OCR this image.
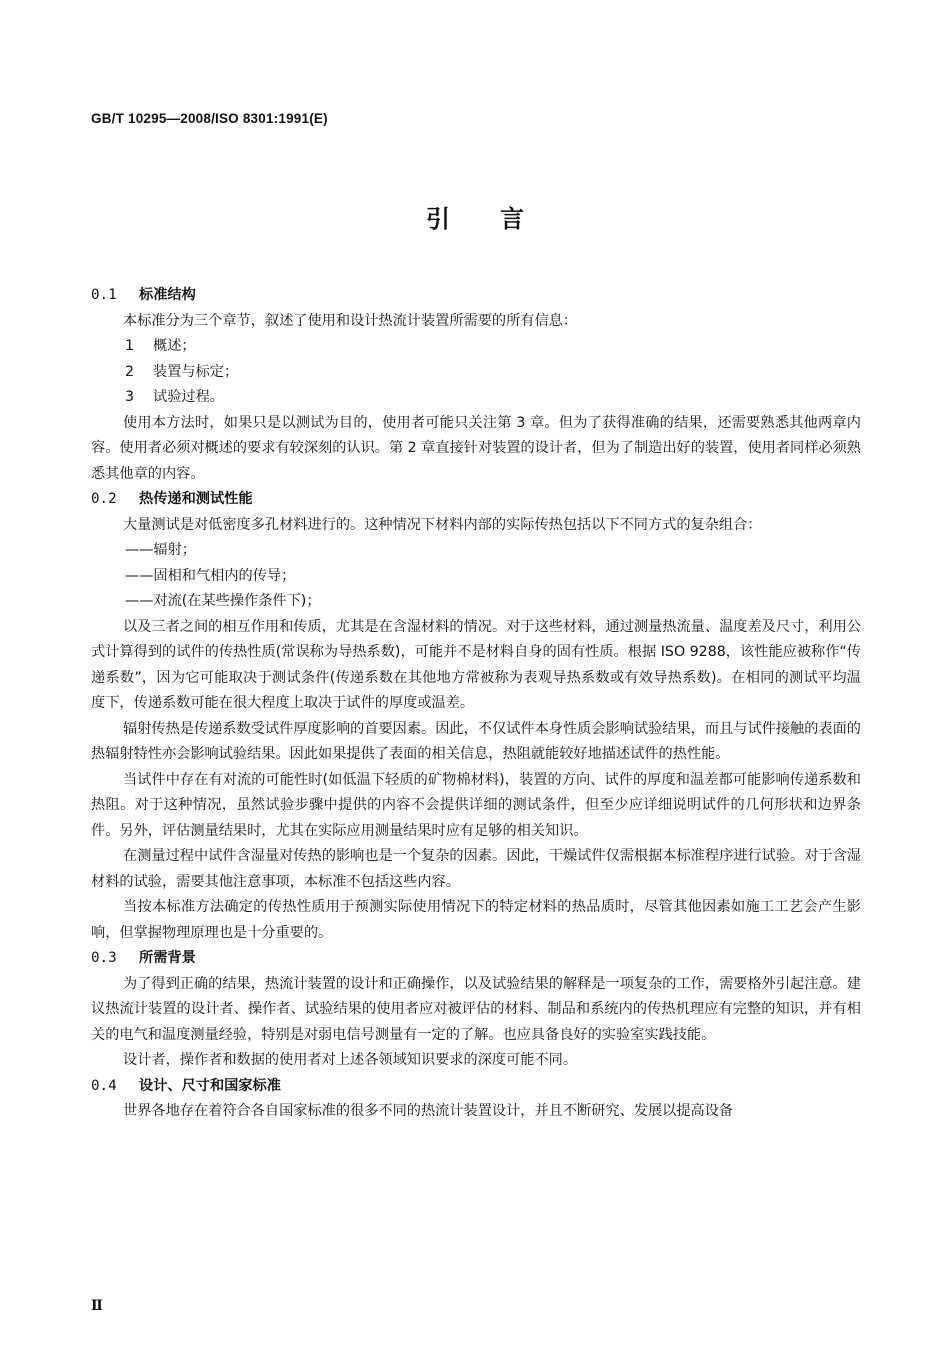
GB/T 10295—2008/ISO 8301:1991(E)
引言

0.1 标准结构

本标准分为三个章节，叙述了使用和设计热流计装置所需要的所有信息：

1 概述；

2 装置与标定；

3 试验过程。

使用本方法时，如果只是以测试为目的，使用者可能只关注第 3 章。但为了获得准确的结果，还需要熟悉其他两章内容。使用者必须对概述的要求有较深刻的认识。第 2 章直接针对装置的设计者，但为了制造出好的装置，使用者同样必须熟悉其他章的内容。

0.2 热传递和测试性能

大量测试是对低密度多孔材料进行的。这种情况下材料内部的实际传热包括以下不同方式的复杂组合：

——辐射；

——固相和气相内的传导；

——对流(在某些操作条件下)；

以及三者之间的相互作用和传质，尤其是在含湿材料的情况。对于这些材料，通过测量热流量、温度差及尺寸，利用公式计算得到的试件的传热性质(常误称为导热系数)，可能并不是材料自身的固有性质。根据 ISO 9288，该性能应被称作“传递系数”，因为它可能取决于测试条件(传递系数在其他地方常被称为表观导热系数或有效导热系数)。在相同的测试平均温度下，传递系数可能在很大程度上取决于试件的厚度或温差。

辐射传热是传递系数受试件厚度影响的首要因素。因此，不仅试件本身性质会影响试验结果，而且与试件接触的表面的热辐射特性亦会影响试验结果。因此如果提供了表面的相关信息，热阻就能较好地描述试件的热性能。

当试件中存在有对流的可能性时(如低温下轻质的矿物棉材料)，装置的方向、试件的厚度和温差都可能影响传递系数和热阻。对于这种情况，虽然试验步骤中提供的内容不会提供详细的测试条件，但至少应详细说明试件的几何形状和边界条件。另外，评估测量结果时，尤其在实际应用测量结果时应有足够的相关知识。

在测量过程中试件含湿量对传热的影响也是一个复杂的因素。因此，干燥试件仅需根据本标准程序进行试验。对于含湿材料的试验，需要其他注意事项，本标准不包括这些内容。

当按本标准方法确定的传热性质用于预测实际使用情况下的特定材料的热品质时，尽管其他因素如施工工艺会产生影响，但掌握物理原理也是十分重要的。

0.3 所需背景

为了得到正确的结果，热流计装置的设计和正确操作，以及试验结果的解释是一项复杂的工作，需要格外引起注意。建议热流计装置的设计者、操作者、试验结果的使用者应对被评估的材料、制品和系统内的传热机理应有完整的知识，并有相关的电气和温度测量经验，特别是对弱电信号测量有一定的了解。也应具备良好的实验室实践技能。

设计者，操作者和数据的使用者对上述各领域知识要求的深度可能不同。

0.4 设计、尺寸和国家标准

世界各地存在着符合各自国家标准的很多不同的热流计装置设计，并且不断研究、发展以提高设备

Ⅱ
